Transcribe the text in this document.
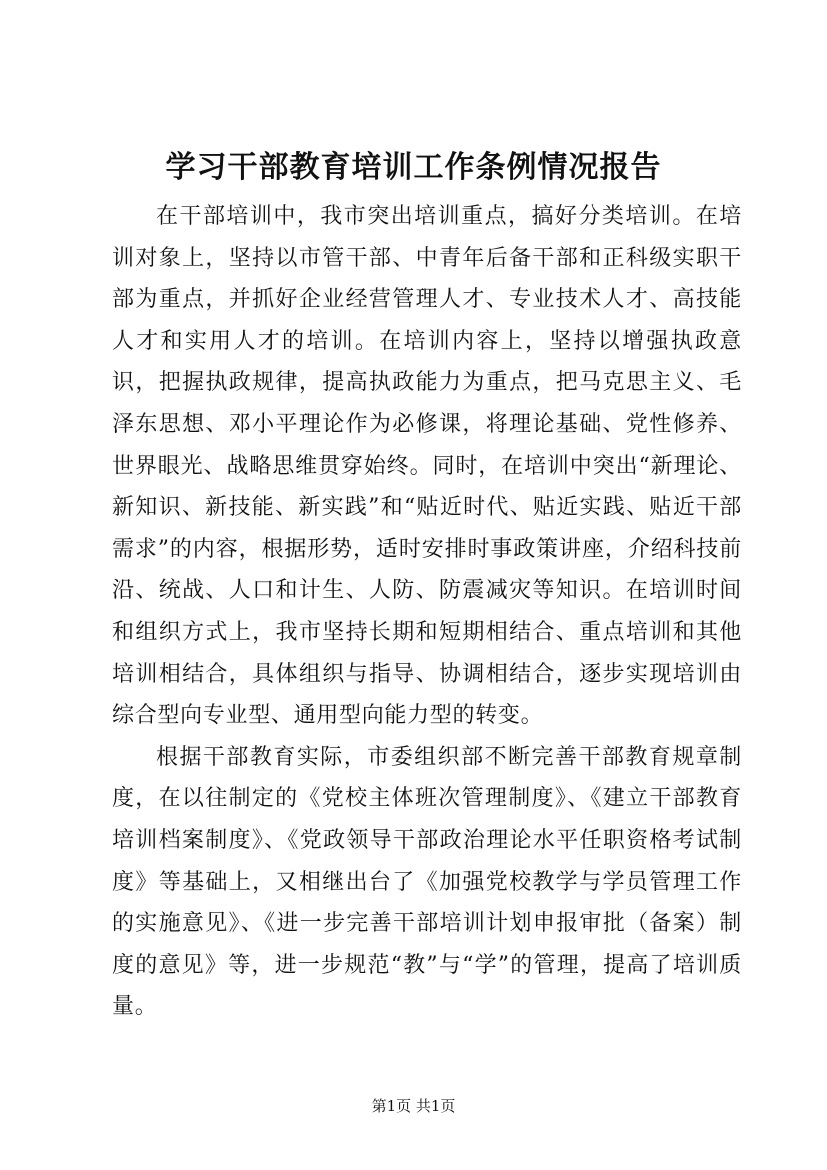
学习干部教育培训工作条例情况报告

在干部培训中，我市突出培训重点，搞好分类培训。在培训对象上，坚持以市管干部、中青年后备干部和正科级实职干部为重点，并抓好企业经营管理人才、专业技术人才、高技能人才和实用人才的培训。在培训内容上，坚持以增强执政意识，把握执政规律，提高执政能力为重点，把马克思主义、毛泽东思想、邓小平理论作为必修课，将理论基础、党性修养、世界眼光、战略思维贯穿始终。同时，在培训中突出“新理论、新知识、新技能、新实践”和“贴近时代、贴近实践、贴近干部需求”的内容，根据形势，适时安排时事政策讲座，介绍科技前沿、统战、人口和计生、人防、防震减灾等知识。在培训时间和组织方式上，我市坚持长期和短期相结合、重点培训和其他培训相结合，具体组织与指导、协调相结合，逐步实现培训由综合型向专业型、通用型向能力型的转变。

根据干部教育实际，市委组织部不断完善干部教育规章制度，在以往制定的《党校主体班次管理制度》、《建立干部教育培训档案制度》、《党政领导干部政治理论水平任职资格考试制度》等基础上，又相继出台了《加强党校教学与学员管理工作的实施意见》、《进一步完善干部培训计划申报审批（备案）制度的意见》等，进一步规范“教”与“学”的管理，提高了培训质量。

第1页 共1页
